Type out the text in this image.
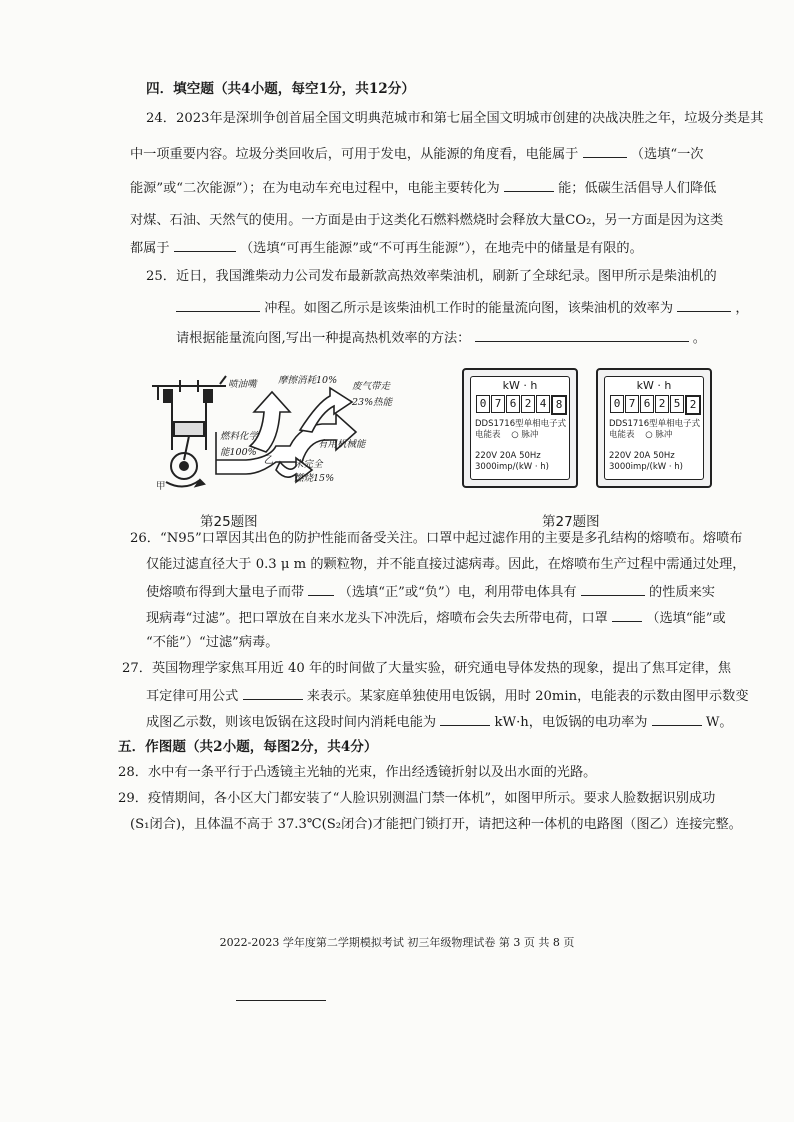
四．填空题（共4小题，每空1分，共12分）
24．2023年是深圳争创首届全国文明典范城市和第七届全国文明城市创建的决战决胜之年，垃圾分类是其
中一项重要内容。垃圾分类回收后，可用于发电，从能源的角度看，电能属于	（选填“一次
能源”或“二次能源”）；在为电动车充电过程中，电能主要转化为	能；低碳生活倡导人们降低
对煤、石油、天然气的使用。一方面是由于这类化石燃料燃烧时会释放大量CO₂，另一方面是因为这类
都属于	（选填“可再生能源”或“不可再生能源”），在地壳中的储量是有限的。
25．近日，我国潍柴动力公司发布最新款高热效率柴油机，刷新了全球纪录。图甲所示是柴油机的
冲程。如图乙所示是该柴油机工作时的能量流向图，该柴油机的效率为	，
请根据能量流向图,写出一种提高热机效率的方法：	。
喷油嘴 摩擦消耗10%
废气带走
23%热能
燃料化学
能100%
有用机械能
未完全
燃烧15%
甲
乙
第25题图
kW · h
0 7 6 2 4 8
DDS1716型单相电子式
电能表 ○ 脉冲
220V 20A 50Hz
3000imp/(kW · h)
kW · h
0 7 6 2 5 2
DDS1716型单相电子式
电能表 ○ 脉冲
220V 20A 50Hz
3000imp/(kW · h)
第27题图
26．“N95”口罩因其出色的防护性能而备受关注。口罩中起过滤作用的主要是多孔结构的熔喷布。熔喷布
仅能过滤直径大于 0.3 μ m 的颗粒物，并不能直接过滤病毒。因此，在熔喷布生产过程中需通过处理，
使熔喷布得到大量电子而带	（选填“正”或“负”）电，利用带电体具有	的性质来实
现病毒“过滤”。把口罩放在自来水龙头下冲洗后，熔喷布会失去所带电荷，口罩	（选填“能”或
“不能”）“过滤”病毒。
27．英国物理学家焦耳用近 40 年的时间做了大量实验，研究通电导体发热的现象，提出了焦耳定律，焦
耳定律可用公式	来表示。某家庭单独使用电饭锅，用时 20min，电能表的示数由图甲示数变
成图乙示数，则该电饭锅在这段时间内消耗电能为	kW·h，电饭锅的电功率为	W。
五．作图题（共2小题，每图2分，共4分）
28．水中有一条平行于凸透镜主光轴的光束，作出经透镜折射以及出水面的光路。
29．疫情期间，各小区大门都安装了“人脸识别测温门禁一体机”，如图甲所示。要求人脸数据识别成功
(S₁闭合)，且体温不高于 37.3℃(S₂闭合)才能把门锁打开，请把这种一体机的电路图（图乙）连接完整。
2022-2023 学年度第二学期模拟考试 初三年级物理试卷 第 3 页 共 8 页
